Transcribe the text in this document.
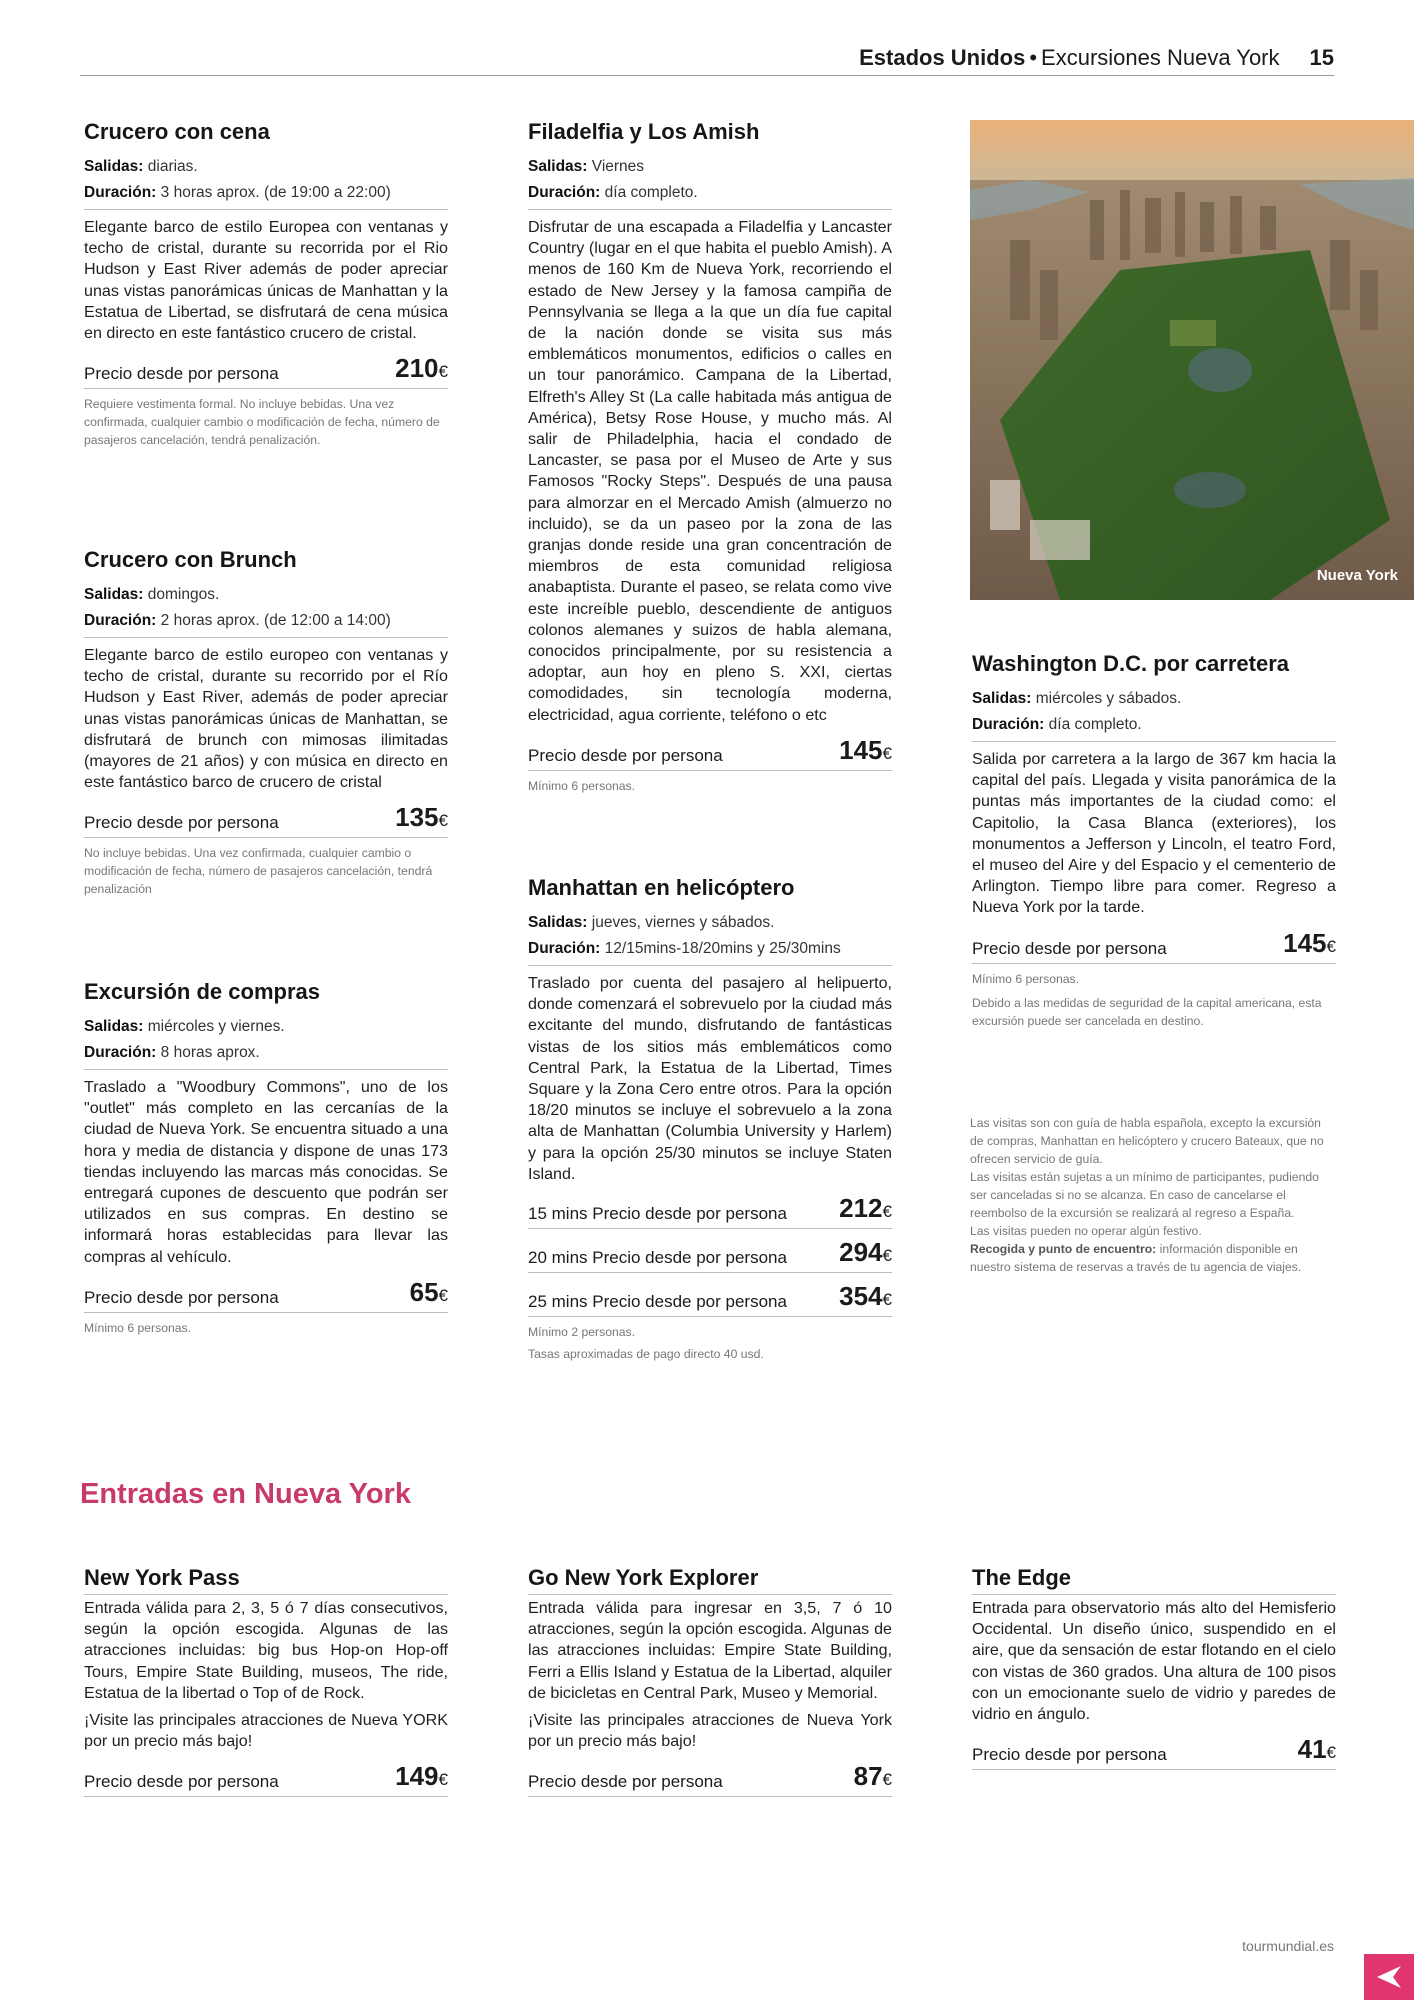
Estados Unidos • Excursiones Nueva York 15
Crucero con cena
Salidas: diarias.
Duración: 3 horas aprox. (de 19:00 a 22:00)
Elegante barco de estilo Europea con ventanas y techo de cristal, durante su recorrida por el Rio Hudson y East River además de poder apreciar unas vistas panorámicas únicas de Manhattan y la Estatua de Libertad, se disfrutará de cena música en directo en este fantástico crucero de cristal.
Precio desde por persona	210€
Requiere vestimenta formal. No incluye bebidas. Una vez confirmada, cualquier cambio o modificación de fecha, número de pasajeros cancelación, tendrá penalización.
Crucero con Brunch
Salidas: domingos.
Duración: 2 horas aprox. (de 12:00 a 14:00)
Elegante barco de estilo europeo con ventanas y techo de cristal, durante su recorrido por el Río Hudson y East River, además de poder apreciar unas vistas panorámicas únicas de Manhattan, se disfrutará de brunch con mimosas ilimitadas (mayores de 21 años) y con música en directo en este fantástico barco de crucero de cristal
Precio desde por persona	135€
No incluye bebidas. Una vez confirmada, cualquier cambio o modificación de fecha, número de pasajeros cancelación, tendrá penalización
Excursión de compras
Salidas: miércoles y viernes.
Duración: 8 horas aprox.
Traslado a "Woodbury Commons", uno de los "outlet" más completo en las cercanías de la ciudad de Nueva York. Se encuentra situado a una hora y media de distancia y dispone de unas 173 tiendas incluyendo las marcas más conocidas. Se entregará cupones de descuento que podrán ser utilizados en sus compras. En destino se informará horas establecidas para llevar las compras al vehículo.
Precio desde por persona	65€
Mínimo 6 personas.
Filadelfia y Los Amish
Salidas: Viernes
Duración: día completo.
Disfrutar de una escapada a Filadelfia y Lancaster Country (lugar en el que habita el pueblo Amish). A menos de 160 Km de Nueva York, recorriendo el estado de New Jersey y la famosa campiña de Pennsylvania se llega a la que un día fue capital de la nación donde se visita sus más emblemáticos monumentos, edificios o calles en un tour panorámico. Campana de la Libertad, Elfreth's Alley St (La calle habitada más antigua de América), Betsy Rose House, y mucho más. Al salir de Philadelphia, hacia el condado de Lancaster, se pasa por el Museo de Arte y sus Famosos "Rocky Steps". Después de una pausa para almorzar en el Mercado Amish (almuerzo no incluido), se da un paseo por la zona de las granjas donde reside una gran concentración de miembros de esta comunidad religiosa anabaptista. Durante el paseo, se relata como vive este increíble pueblo, descendiente de antiguos colonos alemanes y suizos de habla alemana, conocidos principalmente, por su resistencia a adoptar, aun hoy en pleno S. XXI, ciertas comodidades, sin tecnología moderna, electricidad, agua corriente, teléfono o etc
Precio desde por persona	145€
Mínimo 6 personas.
Manhattan en helicóptero
Salidas: jueves, viernes y sábados.
Duración: 12/15mins-18/20mins y 25/30mins
Traslado por cuenta del pasajero al helipuerto, donde comenzará el sobrevuelo por la ciudad más excitante del mundo, disfrutando de fantásticas vistas de los sitios más emblemáticos como Central Park, la Estatua de la Libertad, Times Square y la Zona Cero entre otros. Para la opción 18/20 minutos se incluye el sobrevuelo a la zona alta de Manhattan (Columbia University y Harlem) y para la opción 25/30 minutos se incluye Staten Island.
15 mins Precio desde por persona 212€
20 mins Precio desde por persona 294€
25 mins Precio desde por persona 354€
Mínimo 2 personas.
Tasas aproximadas de pago directo 40 usd.
Nueva York
Washington D.C. por carretera
Salidas: miércoles y sábados.
Duración: día completo.
Salida por carretera a la largo de 367 km hacia la capital del país. Llegada y visita panorámica de la puntas más importantes de la ciudad como: el Capitolio, la Casa Blanca (exteriores), los monumentos a Jefferson y Lincoln, el teatro Ford, el museo del Aire y del Espacio y el cementerio de Arlington. Tiempo libre para comer. Regreso a Nueva York por la tarde.
Precio desde por persona	145€
Mínimo 6 personas.
Debido a las medidas de seguridad de la capital americana, esta excursión puede ser cancelada en destino.
Las visitas son con guía de habla española, excepto la excursión de compras, Manhattan en helicóptero y crucero Bateaux, que no ofrecen servicio de guía.
Las visitas están sujetas a un mínimo de participantes, pudiendo ser canceladas si no se alcanza. En caso de cancelarse el reembolso de la excursión se realizará al regreso a España.
Las visitas pueden no operar algún festivo.
Recogida y punto de encuentro: información disponible en nuestro sistema de reservas a través de tu agencia de viajes.
Entradas en Nueva York
New York Pass

Entrada válida para 2, 3, 5 ó 7 días consecutivos, según la opción escogida. Algunas de las atracciones incluidas: big bus Hop-on Hop-off Tours, Empire State Building, museos, The ride, Estatua de la libertad o Top of de Rock.

¡Visite las principales atracciones de Nueva YORK por un precio más bajo!

Precio desde por persona	149€
Go New York Explorer

Entrada válida para ingresar en 3,5, 7 ó 10 atracciones, según la opción escogida. Algunas de las atracciones incluidas: Empire State Building, Ferri a Ellis Island y Estatua de la Libertad, alquiler de bicicletas en Central Park, Museo y Memorial.

¡Visite las principales atracciones de Nueva York por un precio más bajo!

Precio desde por persona	87€
The Edge

Entrada para observatorio más alto del Hemisferio Occidental. Un diseño único, suspendido en el aire, que da sensación de estar flotando en el cielo con vistas de 360 grados. Una altura de 100 pisos con un emocionante suelo de vidrio y paredes de vidrio en ángulo.

Precio desde por persona	41€
tourmundial.es
